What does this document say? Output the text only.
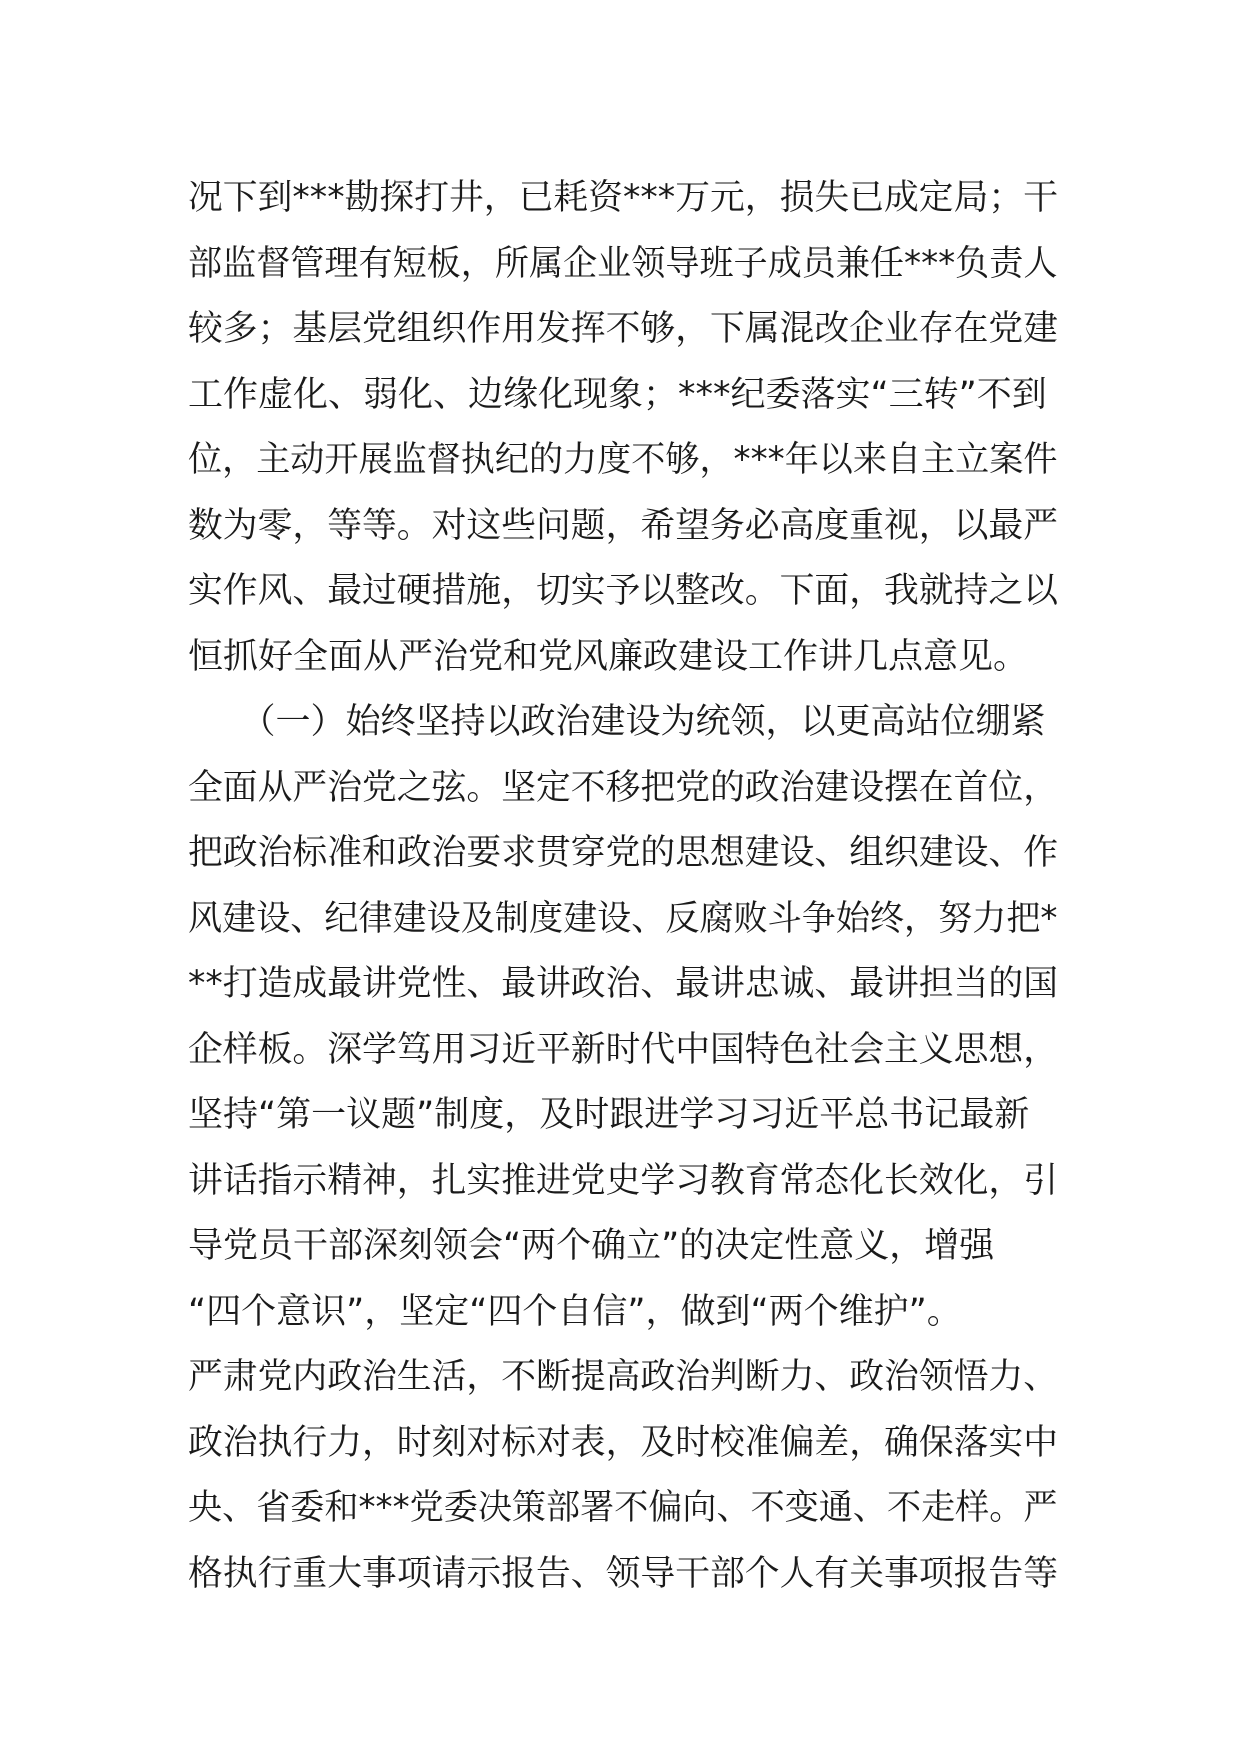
况下到***勘探打井，已耗资***万元，损失已成定局；干
部监督管理有短板，所属企业领导班子成员兼任***负责人
较多；基层党组织作用发挥不够，下属混改企业存在党建
工作虚化、弱化、边缘化现象；***纪委落实“三转”不到
位，主动开展监督执纪的力度不够，***年以来自主立案件
数为零，等等。对这些问题，希望务必高度重视，以最严
实作风、最过硬措施，切实予以整改。下面，我就持之以
恒抓好全面从严治党和党风廉政建设工作讲几点意见。
　　（一）始终坚持以政治建设为统领，以更高站位绷紧
全面从严治党之弦。坚定不移把党的政治建设摆在首位，
把政治标准和政治要求贯穿党的思想建设、组织建设、作
风建设、纪律建设及制度建设、反腐败斗争始终，努力把*
**打造成最讲党性、最讲政治、最讲忠诚、最讲担当的国
企样板。深学笃用习近平新时代中国特色社会主义思想，
坚持“第一议题”制度，及时跟进学习习近平总书记最新
讲话指示精神，扎实推进党史学习教育常态化长效化，引
导党员干部深刻领会“两个确立”的决定性意义，增强
“四个意识”，坚定“四个自信”，做到“两个维护”。
严肃党内政治生活，不断提高政治判断力、政治领悟力、
政治执行力，时刻对标对表，及时校准偏差，确保落实中
央、省委和***党委决策部署不偏向、不变通、不走样。严
格执行重大事项请示报告、领导干部个人有关事项报告等
